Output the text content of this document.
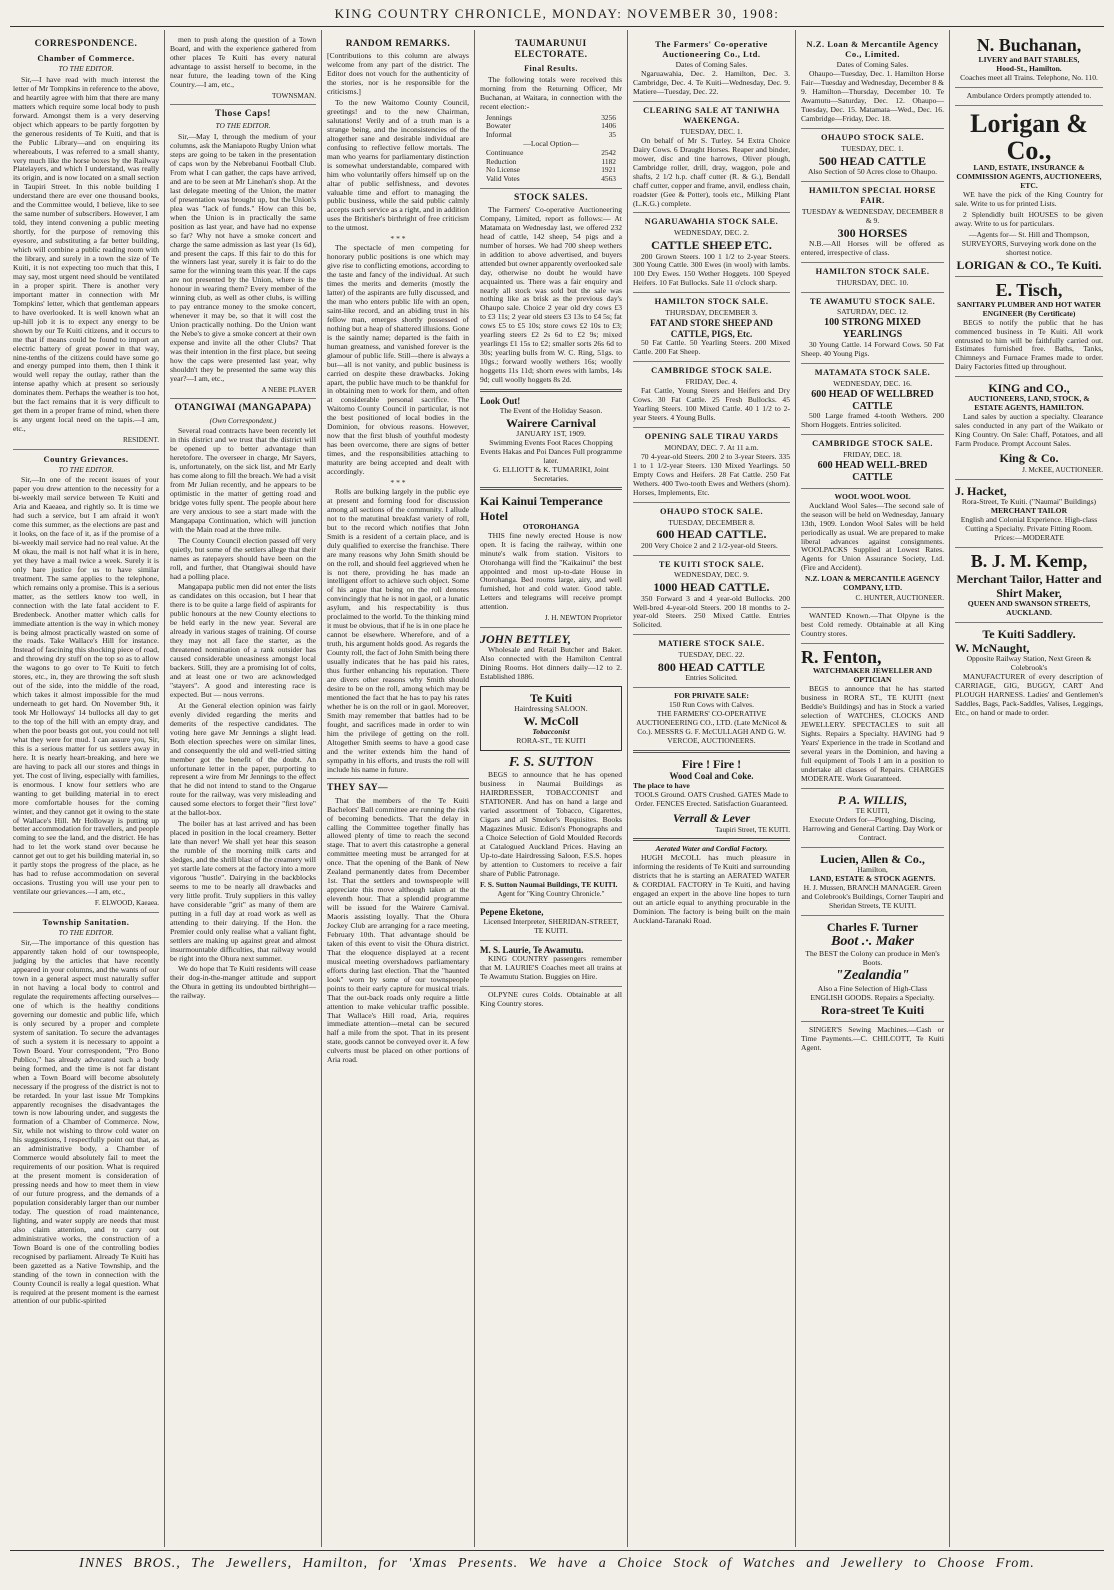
KING COUNTRY CHRONICLE, MONDAY: NOVEMBER 30, 1908:
CORRESPONDENCE.
Chamber of Commerce.
TO THE EDITOR.

Sir,—I have read with much interest the letter of Mr Tompkins in reference to the above, and heartily agree with him that there are many matters which require some local body to push forward. Amongst them is a very deserving object which appears to be partly forgotten by the generous residents of Te Kuiti, and that is the Public Library—and on enquiring its whereabouts, I was referred to a small shanty, very much like the horse boxes by the Railway Platelayers, and which I understand, was really its origin, and is now located on a small section in Taupiri Street. In this noble building I understand there are ever one thousand books, and the Committee would, I believe, like to see the same number of subscribers. However, I am told, they intend convening a public meeting shortly, for the purpose of removing this eyesore, and substituting a far better building, which will combine a public reading room with the library, and surely in a town the size of Te Kuiti, it is not expecting too much that this, I may say, most urgent need should be ventilated in a proper spirit. There is another very important matter in connection with Mr Tompkins' letter, which that gentleman appears to have overlooked. It is well known what an up-hill job it is to expect any energy to be shown by our Te Kuiti citizens, and it occurs to me that if means could be found to import an electric battery of great power in that way, nine-tenths of the citizens could have some go and energy pumped into them, then I think it would well repay the outlay, rather than the intense apathy which at present so seriously dominates them. Perhaps the weather is too hot, but the fact remains that it is very difficult to get them in a proper frame of mind, when there is any urgent local need on the tapis.—I am, etc.,

RESIDENT.
Country Grievances.
TO THE EDITOR.

Sir,—In one of the recent issues of your paper you drew attention to the necessity for a bi-weekly mail service between Te Kuiti and Aria and Kaeaea, and rightly so. It is time we had such a service, but I am afraid it won't come this summer, as the elections are past and it looks, on the face of it, as if the promise of a bi-weekly mail service had no real value. At the M okau, the mail is not half what it is in here, yet they have a mail twice a week. Surely it is only bare justice for us to have similar treatment. The same applies to the telephone, which remains only a promise. This is a serious matter, as the settlers know too well, in connection with the late fatal accident to F. Bredenbeck. Another matter which calls for immediate attention is the way in which money is being almost practically wasted on some of the roads. Take Wallace's Hill for instance. Instead of fascining this shocking piece of road, and throwing dry stuff on the top so as to allow the wagons to go over to Te Kuiti to fetch stores, etc., in, they are throwing the soft slush out of the side, into the middle of the road, which takes it almost impossible for the mud underneath to get hard. On November 9th, it took Mr Holloways' 14 bullocks all day to get to the top of the hill with an empty dray, and when the poor beasts got out, you could not tell what they were for mud. I can assure you, Sir, this is a serious matter for us settlers away in here. It is nearly heart-breaking, and here we are having to pack all our stores and things in yet. The cost of living, especially with families, is enormous. I know four settlers who are wanting to get building material in to erect more comfortable houses for the coming winter, and they cannot get it owing to the state of Wallace's Hill. Mr Holloway is putting up better accommodation for travellers, and people coming to see the land, and the district. He has had to let the work stand over because he cannot get out to get his building material in, so it partly stops the progress of the place, as he has had to refuse accommodation on several occasions. Trusting you will use your pen to ventilate our grievances.—I am, etc.,

F. ELWOOD, Kaeaea.
Township Sanitation.
TO THE EDITOR.

Sir,—The importance of this question has apparently taken hold of our townspeople, judging by the articles that have recently appeared in your columns, and the wants of our town in a general aspect must naturally suffer in not having a local body to control and regulate the requirements affecting ourselves—one of which is the healthy conditions governing our domestic and public life, which is only secured by a proper and complete system of sanitation. To secure the advantages of such a system it is necessary to appoint a Town Board. Your correspondent, "Pro Bono Publico," has already advocated such a body being formed, and the time is not far distant when a Town Board will become absolutely necessary if the progress of the district is not to be retarded. In your last issue Mr Tompkins apparently recognises the disadvantages the town is now labouring under, and suggests the formation of a Chamber of Commerce. Now, Sir, while not wishing to throw cold water on his suggestions, I respectfully point out that, as an administrative body, a Chamber of Commerce would absolutely fail to meet the requirements of our position. What is required at the present moment is consideration of pressing needs and how to meet them in view of our future progress, and the demands of a population considerably larger than our number today. The question of road maintenance, lighting, and water supply are needs that must also claim attention, and to carry out administrative works, the construction of a Town Board is one of the controlling bodies recognised by parliament. Already Te Kuiti has been gazetted as a Native Township, and the standing of the town in connection with the County Council is really a legal question. What is required at the present moment is the earnest attention of our public-spirited

men to push along the question of a Town Board, and with the experience gathered from other places Te Kuiti has every natural advantage to assist herself to become, in the near future, the leading town of the King Country.—I am, etc.,

TOWNSMAN.
Those Caps!
TO THE EDITOR.

Sir,—May I, through the medium of your columns, ask the Maniapoto Rugby Union what steps are going to be taken in the presentation of caps won by the Nebrebanui Football Club. From what I can gather, the caps have arrived, and are to be seen at Mr Linehan's shop. At the last delegate meeting of the Union, the matter of presentation was brought up, but the Union's plea was "lack of funds." How can this be, when the Union is in practically the same position as last year, and have had no expense so far? Why not have a smoke concert and charge the same admission as last year (1s 6d), and present the caps. If this fair to do this for the winners last year, surely it is fair to do the same for the winning team this year. If the caps are not presented by the Union, where is the honour in wearing them? Every member of the winning club, as well as other clubs, is willing to pay entrance money to the smoke concert, whenever it may be, so that it will cost the Union practically nothing. Do the Union want the Nebe's to give a smoke concert at their own expense and invite all the other Clubs? That was their intention in the first place, but seeing how the caps were presented last year, why shouldn't they be presented the same way this year?—I am, etc.,

A NEBE PLAYER
OTANGIWAI (MANGAPAPA)
(Own Correspondent.)

Several road contracts have been recently let in this district and we trust that the district will be opened up to better advantage than heretofore. The overseer in charge, Mr Sayers, is, unfortunately, on the sick list, and Mr Early has come along to fill the breach. We had a visit from Mr Julian recently, and he appears to be optimistic in the matter of getting road and bridge votes fully spent. The people about here are very anxious to see a start made with the Mangapapa Continuation, which will junction with the Main road at the three mile.

The County Council election passed off very quietly, but some of the settlers allege that their names as ratepayers should have been on the roll, and further, that Otangiwai should have had a polling place.

Mangapapa public men did not enter the lists as candidates on this occasion, but I hear that there is to be quite a large field of aspirants for public honours at the new County elections to be held early in the new year. Several are already in various stages of training. Of course they may not all face the starter, as the threatened nomination of a rank outsider has caused considerable uneasiness amongst local backers. Still, they are a promising lot of colts, and at least one or two are acknowledged "stayers". A good and interesting race is expected. But — nous verrons.

At the General election opinion was fairly evenly divided regarding the merits and demerits of the respective candidates. The voting here gave Mr Jennings a slight lead. Both election speeches were on similar lines, and consequently the old and well-tried sitting member got the benefit of the doubt. An unfortunate letter in the paper, purporting to represent a wire from Mr Jennings to the effect that he did not intend to stand to the Ongarue route for the railway, was very misleading and caused some electors to forget their "first love" at the ballot-box.

The boiler has at last arrived and has been placed in position in the local creamery. Better late than never! We shall yet hear this season the rumble of the morning milk carts and sledges, and the shrill blast of the creamery will yet startle late comers at the factory into a more vigorous "hustle". Dairying in the backblocks seems to me to be nearly all drawbacks and very little profit. Truly suppliers in this valley have considerable "grit" as many of them are putting in a full day at road work as well as attending to their dairying. If the Hon. the Premier could only realise what a valiant fight, settlers are making up against great and almost insurmountable difficulties, that railway would be right into the Ohura next summer.

We do hope that Te Kuiti residents will cease their dog-in-the-manger attitude and support the Ohura in getting its undoubted birthright—the railway.

RANDOM REMARKS.

[Contributions to this column are always welcome from any part of the district. The Editor does not vouch for the authenticity of the stories, nor is he responsible for the criticisms.]

To the new Waitomo County Council, greetings! and to the new Chairman, salutations! Verily and of a truth man is a strange being, and the inconsistencies of the altogether sane and desirable individual are confusing to reflective fellow mortals. The man who yearns for parliamentary distinction is somewhat understandable, compared with him who voluntarily offers himself up on the altar of public selfishness, and devotes valuable time and effort to managing the public business, while the said public calmly accepts such service as a right, and in addition uses the Britisher's birthright of free criticism to the utmost.

* * *

The spectacle of men competing for honorary public positions is one which may give rise to conflicting emotions, according to the taste and fancy of the individual. At such times the merits and demerits (mostly the latter) of the aspirants are fully discussed, and the man who enters public life with an open, saint-like record, and an abiding trust in his fellow man, emerges shortly possessed of nothing but a heap of shattered illusions. Gone is the saintly name; departed is the faith in human greatness, and vanished forever is the glamour of public life. Still—there is always a but—all is not vanity, and public business is carried on despite these drawbacks. Joking apart, the public have much to be thankful for in obtaining men to work for them, and often at considerable personal sacrifice. The Waitomo County Council in particular, is not the best positioned of local bodies in the Dominion, for obvious reasons. However, now that the first blush of youthful modesty has been overcome, there are signs of better times, and the responsibilities attaching to maturity are being accepted and dealt with accordingly.

* * *

Rolls are bulking largely in the public eye at present and forming food for discussion among all sections of the community. I allude not to the matutinal breakfast variety of roll, but to the record which notifies that John Smith is a resident of a certain place, and is duly qualified to exercise the franchise. There are many reasons why John Smith should be on the roll, and should feel aggrieved when he is not there, providing he has made an intelligent effort to achieve such object. Some of his argue that being on the roll denotes convincingly that he is not in gaol, or a lunatic asylum, and his respectability is thus proclaimed to the world. To the thinking mind it must be obvious, that if he is in one place he cannot be elsewhere. Wherefore, and of a truth, his argument holds good. As regards the County roll, the fact of John Smith being there usually indicates that he has paid his rates, thus further enhancing his reputation. There are divers other reasons why Smith should desire to be on the roll, among which may be mentioned the fact that he has to pay his rates whether he is on the roll or in gaol. Moreover, Smith may remember that battles had to be fought, and sacrifices made in order to win him the privilege of getting on the roll. Altogether Smith seems to have a good case and the writer extends him the hand of sympathy in his efforts, and trusts the roll will include his name in future.

THEY SAY—

That the members of the Te Kuiti Bachelors' Ball committee are running the risk of becoming benedicts. That the delay in calling the Committee together finally has allowed plenty of time to reach the second stage. That to avert this catastrophe a general committee meeting must be arranged for at once. That the opening of the Bank of New Zealand permanently dates from December 1st. That the settlers and townspeople will appreciate this move although taken at the eleventh hour. That a splendid programme will be issued for the Wairere Carnival. Maoris assisting loyally. That the Ohura Jockey Club are arranging for a race meeting, February 10th. That advantage should be taken of this event to visit the Ohura district. That the eloquence displayed at a recent musical meeting overshadows parliamentary efforts during last election. That the "haunted look" worn by some of our townspeople points to their early capture for musical trials. That the out-back roads only require a little attention to make vehicular traffic possible. That Wallace's Hill road, Aria, requires immediate attention—metal can be secured half a mile from the spot. That in its present state, goods cannot be conveyed over it. A few culverts must be placed on other portions of Aria road.

TAUMARUNUI ELECTORATE.
Final Results.

The following totals were received this morning from the Returning Officer, Mr Buchanan, at Waitara, in connection with the recent election:-

Jennings	3256
Bowater	1406
Informal	35
—Local Option—
Continuance	2542
Reduction	1182
No License	1921
Valid Votes	4563
STOCK SALES.

The Farmers' Co-operative Auctioneering Company, Limited, report as follows:— At Matamata on Wednesday last, we offered 232 head of cattle, 142 sheep, 54 pigs and a number of horses. We had 700 sheep wethers in addition to above advertised, and buyers attended but owner apparently overlooked sale day, otherwise no doubt he would have acquainted us. There was a fair enquiry and nearly all stock was sold but the sale was nothing like as brisk as the previous day's Ohaupo sale. Choice 2 year old dry cows £3 to £3 11s; 2 year old steers £3 13s to £4 5s; fat cows £5 to £5 10s; store cows £2 10s to £3; yearling steers £2 2s 6d to £2 9s; mixed yearlings £1 15s to £2; smaller sorts 26s 6d to 30s; yearling bulls from W. C. Ring, 51gs. to 10gs.; forward woolly wethers 16s; woolly hoggetts 11s 11d; shorn ewes with lambs, 14s 9d; cull woolly hoggets 8s 2d.

Look Out!
The Event of the Holiday Season.
Wairere Carnival
JANUARY 1ST, 1909.
Swimming Events Foot Races Chopping Events Hakas and Poi Dances Full programme later.
G. ELLIOTT & K. TUMARIKI, Joint Secretaries.
Kai Kainui Temperance Hotel
OTOROHANGA

THIS fine newly erected House is now open. It is facing the railway, within one minute's walk from station. Visitors to Otorohanga will find the "Kaikainui" the best appointed and most up-to-date House in Otorohanga. Bed rooms large, airy, and well furnished, hot and cold water. Good table. Letters and telegrams will receive prompt attention.

J. H. NEWTON Proprietor
JOHN BETTLEY,

Wholesale and Retail Butcher and Baker. Also connected with the Hamilton Central Dining Rooms. Hot dinners daily—12 to 2. Established 1886.

Te Kuiti
Hairdressing SALOON.
W. McColl
Tobacconist
RORA-ST., TE KUITI
F. S. SUTTON

BEGS to announce that he has opened business in Naumai Buildings as HAIRDRESSER, TOBACCONIST and STATIONER. And has on hand a large and varied assortment of Tobacco, Cigarettes, Cigars and all Smoker's Requisites. Books Magazines Music. Edison's Phonographs and a Choice Selection of Gold Moulded Records at Catalogued Auckland Prices. Having an Up-to-date Hairdressing Saloon, F.S.S. hopes by attention to Customers to receive a fair share of Public Patronage.

F. S. Sutton Naumai Buildings, TE KUITI.
Agent for "King Country Chronicle."
Pepene Eketone,
Licensed Interpreter, SHERIDAN-STREET, TE KUITI.
M. S. Laurie, Te Awamutu.

KING COUNTRY passengers remember that M. LAURIE'S Coaches meet all trains at Te Awamutu Station. Buggies on Hire.

OLPYNE cures Colds. Obtainable at all King Country stores.

The Farmers' Co-operative Auctioneering Co., Ltd.
Dates of Coming Sales.

Ngaruawahia, Dec. 2. Hamilton, Dec. 3. Cambridge, Dec. 4. Te Kuiti—Wednesday, Dec. 9. Matiere—Tuesday, Dec. 22.

CLEARING SALE AT TANIWHA WAEKENGA.
TUESDAY, DEC. 1.

On behalf of Mr S. Turley. 54 Extra Choice Dairy Cows. 6 Draught Horses. Reaper and binder, mower, disc and tine harrows, Oliver plough, Cambridge roller, drill, dray, waggon, pole and shafts, 2 1/2 h.p. chaff cutter (R. & G.), Bendall chaff cutter, copper and frame, anvil, endless chain, roadster (Gee & Potter), tools etc., Milking Plant (L.K.G.) complete.

NGARUAWAHIA STOCK SALE.
WEDNESDAY, DEC. 2.
CATTLE SHEEP ETC.

200 Grown Steers. 100 1 1/2 to 2-year Steers. 300 Young Cattle. 300 Ewes (in wool) with lambs. 100 Dry Ewes. 150 Wether Hoggets. 100 Speyed Heifers. 10 Fat Bullocks. Sale 11 o'clock sharp.

HAMILTON STOCK SALE.
THURSDAY, DECEMBER 3.
FAT AND STORE SHEEP AND CATTLE, PIGS, Etc.

50 Fat Cattle. 50 Yearling Steers. 200 Mixed Cattle. 200 Fat Sheep.

CAMBRIDGE STOCK SALE.
FRIDAY, Dec. 4.

Fat Cattle, Young Steers and Heifers and Dry Cows. 30 Fat Cattle. 25 Fresh Bullocks. 45 Yearling Steers. 100 Mixed Cattle. 40 1 1/2 to 2-year Steers. 4 Young Bulls.

OPENING SALE TIRAU YARDS
MONDAY, DEC. 7. At 11 a.m.

70 4-year-old Steers. 200 2 to 3-year Steers. 335 1 to 1 1/2-year Steers. 130 Mixed Yearlings. 50 Empty Cows and Heifers. 28 Fat Cattle. 250 Fat Wethers. 400 Two-tooth Ewes and Wethers (shorn). Horses, Implements, Etc.

OHAUPO STOCK SALE.
TUESDAY, DECEMBER 8.
600 HEAD CATTLE.

200 Very Choice 2 and 2 1/2-year-old Steers.

TE KUITI STOCK SALE.
WEDNESDAY, DEC. 9.
1000 HEAD CATTLE.

350 Forward 3 and 4 year-old Bullocks. 200 Well-bred 4-year-old Steers. 200 18 months to 2-year-old Steers. 250 Mixed Cattle. Entries Solicited.

MATIERE STOCK SALE.
TUESDAY, DEC. 22.
800 HEAD CATTLE
Entries Solicited.
FOR PRIVATE SALE:
150 Run Cows with Calves.

THE FARMERS' CO-OPERATIVE AUCTIONEERING CO., LTD. (Late McNicol & Co.). MESSRS G. F. McCULLAGH AND G. W. VERCOE, AUCTIONEERS.

Fire ! Fire !
Wood Coal and Coke.
The place to have

TOOLS Ground. OATS Crushed. GATES Made to Order. FENCES Erected. Satisfaction Guaranteed.

Verrall & Lever
Taupiri Street, TE KUITI.
Aerated Water and Cordial Factory.

HUGH McCOLL has much pleasure in informing the residents of Te Kuiti and surrounding districts that he is starting an AERATED WATER & CORDIAL FACTORY in Te Kuiti, and having engaged an expert in the above line hopes to turn out an article equal to anything procurable in the Dominion. The factory is being built on the main Auckland-Taranaki Road.

N.Z. Loan & Mercantile Agency Co., Limited.
Dates of Coming Sales.

Ohaupo—Tuesday, Dec. 1. Hamilton Horse Fair—Tuesday and Wednesday, December 8 & 9. Hamilton—Thursday, December 10. Te Awamutu—Saturday, Dec. 12. Ohaupo—Tuesday, Dec. 15. Matamata—Wed., Dec. 16. Cambridge—Friday, Dec. 18.

OHAUPO STOCK SALE.
TUESDAY, DEC. 1.
500 HEAD CATTLE
Also Section of 50 Acres close to Ohaupo.
HAMILTON SPECIAL HORSE FAIR.
TUESDAY & WEDNESDAY, DECEMBER 8 & 9.
300 HORSES

N.B.—All Horses will be offered as entered, irrespective of class.

HAMILTON STOCK SALE.
THURSDAY, DEC. 10.
TE AWAMUTU STOCK SALE.
SATURDAY, DEC. 12.
100 STRONG MIXED YEARLINGS

30 Young Cattle. 14 Forward Cows. 50 Fat Sheep. 40 Young Pigs.

MATAMATA STOCK SALE.
WEDNESDAY, DEC. 16.
600 HEAD OF WELLBRED CATTLE

500 Large framed 4-tooth Wethers. 200 Shorn Hoggets. Entries solicited.

CAMBRIDGE STOCK SALE.
FRIDAY, DEC. 18.
600 HEAD WELL-BRED CATTLE
WOOL WOOL WOOL

Auckland Wool Sales—The second sale of the season will be held on Wednesday, January 13th, 1909. London Wool Sales will be held periodically as usual. We are prepared to make liberal advances against consignments. WOOLPACKS Supplied at Lowest Rates. Agents for Union Assurance Society, Ltd. (Fire and Accident).

N.Z. LOAN & MERCANTILE AGENCY COMPANY, LTD.
C. HUNTER, AUCTIONEER.

WANTED Known.—That Olpyne is the best Cold remedy. Obtainable at all King Country stores.

R. Fenton,
WATCHMAKER JEWELLER AND OPTICIAN

BEGS to announce that he has started business in RORA ST., TE KUITI (next Beddie's Buildings) and has in Stock a varied selection of WATCHES, CLOCKS AND JEWELLERY. SPECTACLES to suit all Sights. Repairs a Specialty. HAVING had 9 Years' Experience in the trade in Scotland and several years in the Dominion, and having a full equipment of Tools I am in a position to undertake all classes of Repairs. CHARGES MODERATE. Work Guaranteed.

P. A. WILLIS,
TE KUITI,

Execute Orders for—Ploughing, Discing, Harrowing and General Carting. Day Work or Contract.

Lucien, Allen & Co.,
Hamilton,
LAND, ESTATE & STOCK AGENTS.

H. J. Mussen, BRANCH MANAGER. Green and Colebrook's Buildings, Corner Taupiri and Sheridan Streets, TE KUITI.

Charles F. Turner
Boot .·. Maker
The BEST the Colony can produce in Men's Boots.
"Zealandia"
Also a Fine Selection of High-Class ENGLISH GOODS. Repairs a Specialty.
Rora-street Te Kuiti

SINGER'S Sewing Machines.—Cash or Time Payments.—C. CHILCOTT, Te Kuiti Agent.

N. Buchanan,
LIVERY and BAIT STABLES,
Hood-St., Hamilton.
Coaches meet all Trains. Telephone, No. 110.
Ambulance Orders promptly attended to.
Lorigan & Co.,
LAND, ESTATE, INSURANCE & COMMISSION AGENTS, AUCTIONEERS, ETC.

WE have the pick of the King Country for sale. Write to us for printed Lists.

2 Splendidly built HOUSES to be given away. Write to us for particulars.

—Agents for— St. Hill and Thompson, SURVEYORS, Surveying work done on the shortest notice.
LORIGAN & CO., Te Kuiti.
E. Tisch,
SANITARY PLUMBER AND HOT WATER ENGINEER (By Certificate)

BEGS to notify the public that he has commenced business in Te Kuiti. All work entrusted to him will be faithfully carried out. Estimates furnished free. Baths, Tanks, Chimneys and Furnace Frames made to order. Dairy Factories fitted up throughout.

KING and CO.,
AUCTIONEERS, LAND, STOCK, & ESTATE AGENTS, HAMILTON.

Land sales by auction a specialty. Clearance sales conducted in any part of the Waikato or King Country. On Sale: Chaff, Potatoes, and all Farm Produce. Prompt Account Sales.

King & Co.
J. McKEE, AUCTIONEER.
J. Hacket,
Rora-Street, Te Kuiti. ("Naumai" Buildings)
MERCHANT TAILOR

English and Colonial Experience. High-class Cutting a Specialty. Private Fitting Room. Prices:—MODERATE

B. J. M. Kemp,
Merchant Tailor, Hatter and Shirt Maker,
QUEEN AND SWANSON STREETS, AUCKLAND.
Te Kuiti Saddlery.
W. McNaught,
Opposite Railway Station, Next Green & Colebrook's

MANUFACTURER of every description of CARRIAGE, GIG, BUGGY, CART And PLOUGH HARNESS. Ladies' and Gentlemen's Saddles, Bags, Pack-Saddles, Valises, Leggings, Etc., on hand or made to order.

INNES BROS., The Jewellers, Hamilton, for 'Xmas Presents. We have a Choice Stock of Watches and Jewellery to Choose From.
